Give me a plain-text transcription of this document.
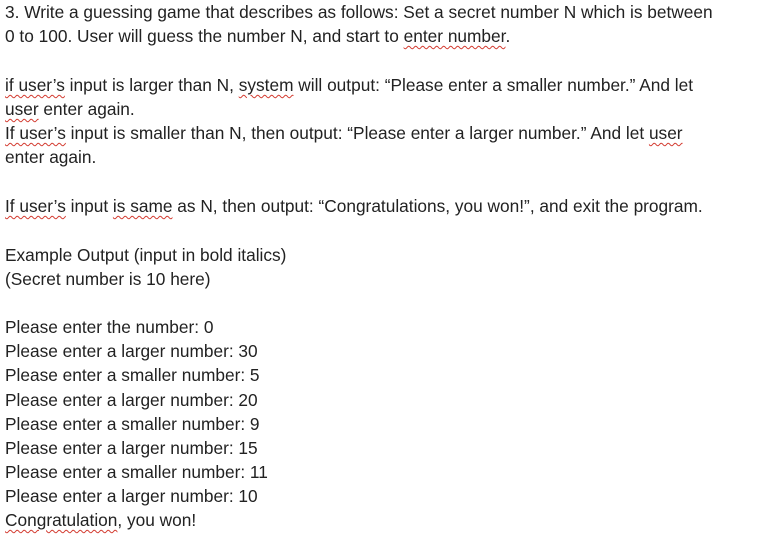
3. Write a guessing game that describes as follows: Set a secret number N which is between
0 to 100. User will guess the number N, and start to enter number.
if user’s input is larger than N, system will output: “Please enter a smaller number.” And let
user enter again.
If user’s input is smaller than N, then output: “Please enter a larger number.” And let user
enter again.
If user’s input is same as N, then output: “Congratulations, you won!”, and exit the program.
Example Output (input in bold italics)
(Secret number is 10 here)
Please enter the number: 0
Please enter a larger number: 30
Please enter a smaller number: 5
Please enter a larger number: 20
Please enter a smaller number: 9
Please enter a larger number: 15
Please enter a smaller number: 11
Please enter a larger number: 10
Congratulation, you won!
